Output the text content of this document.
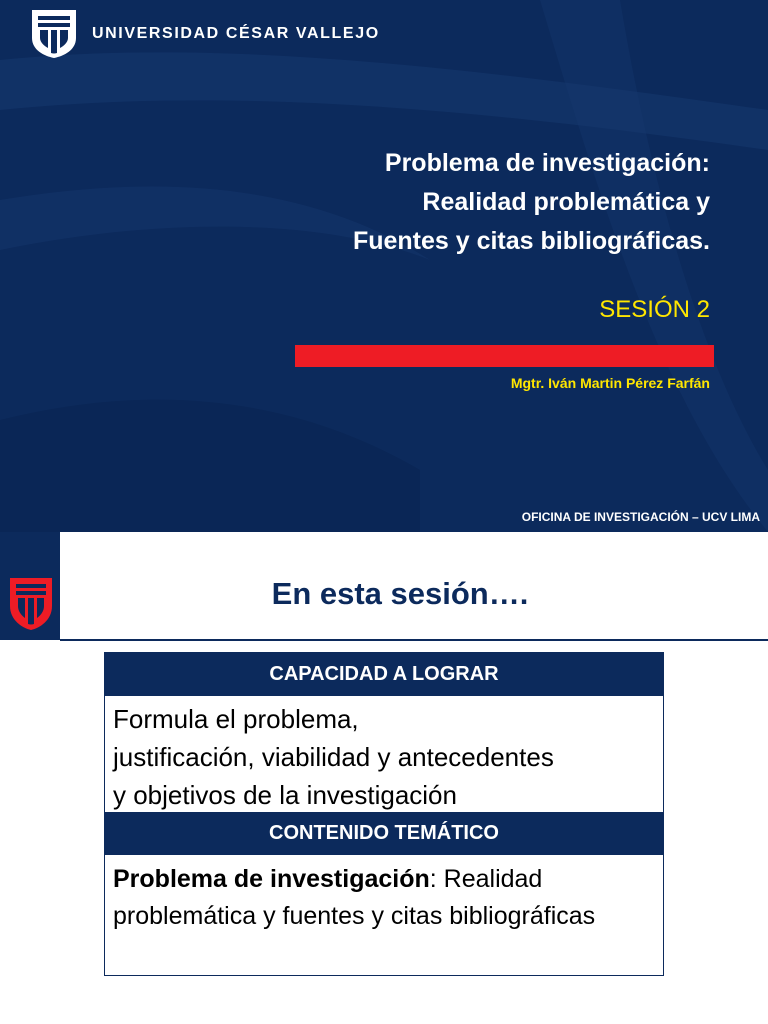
UNIVERSIDAD CÉSAR VALLEJO
Problema de investigación:
Realidad problemática y
Fuentes y citas bibliográficas.
SESIÓN 2
Mgtr. Iván Martin Pérez Farfán
OFICINA DE INVESTIGACIÓN – UCV LIMA
En esta sesión….
CAPACIDAD A LOGRAR
Formula el problema,
justificación, viabilidad y antecedentes
y objetivos de la investigación
CONTENIDO TEMÁTICO
Problema de investigación: Realidad problemática y fuentes y citas bibliográficas
